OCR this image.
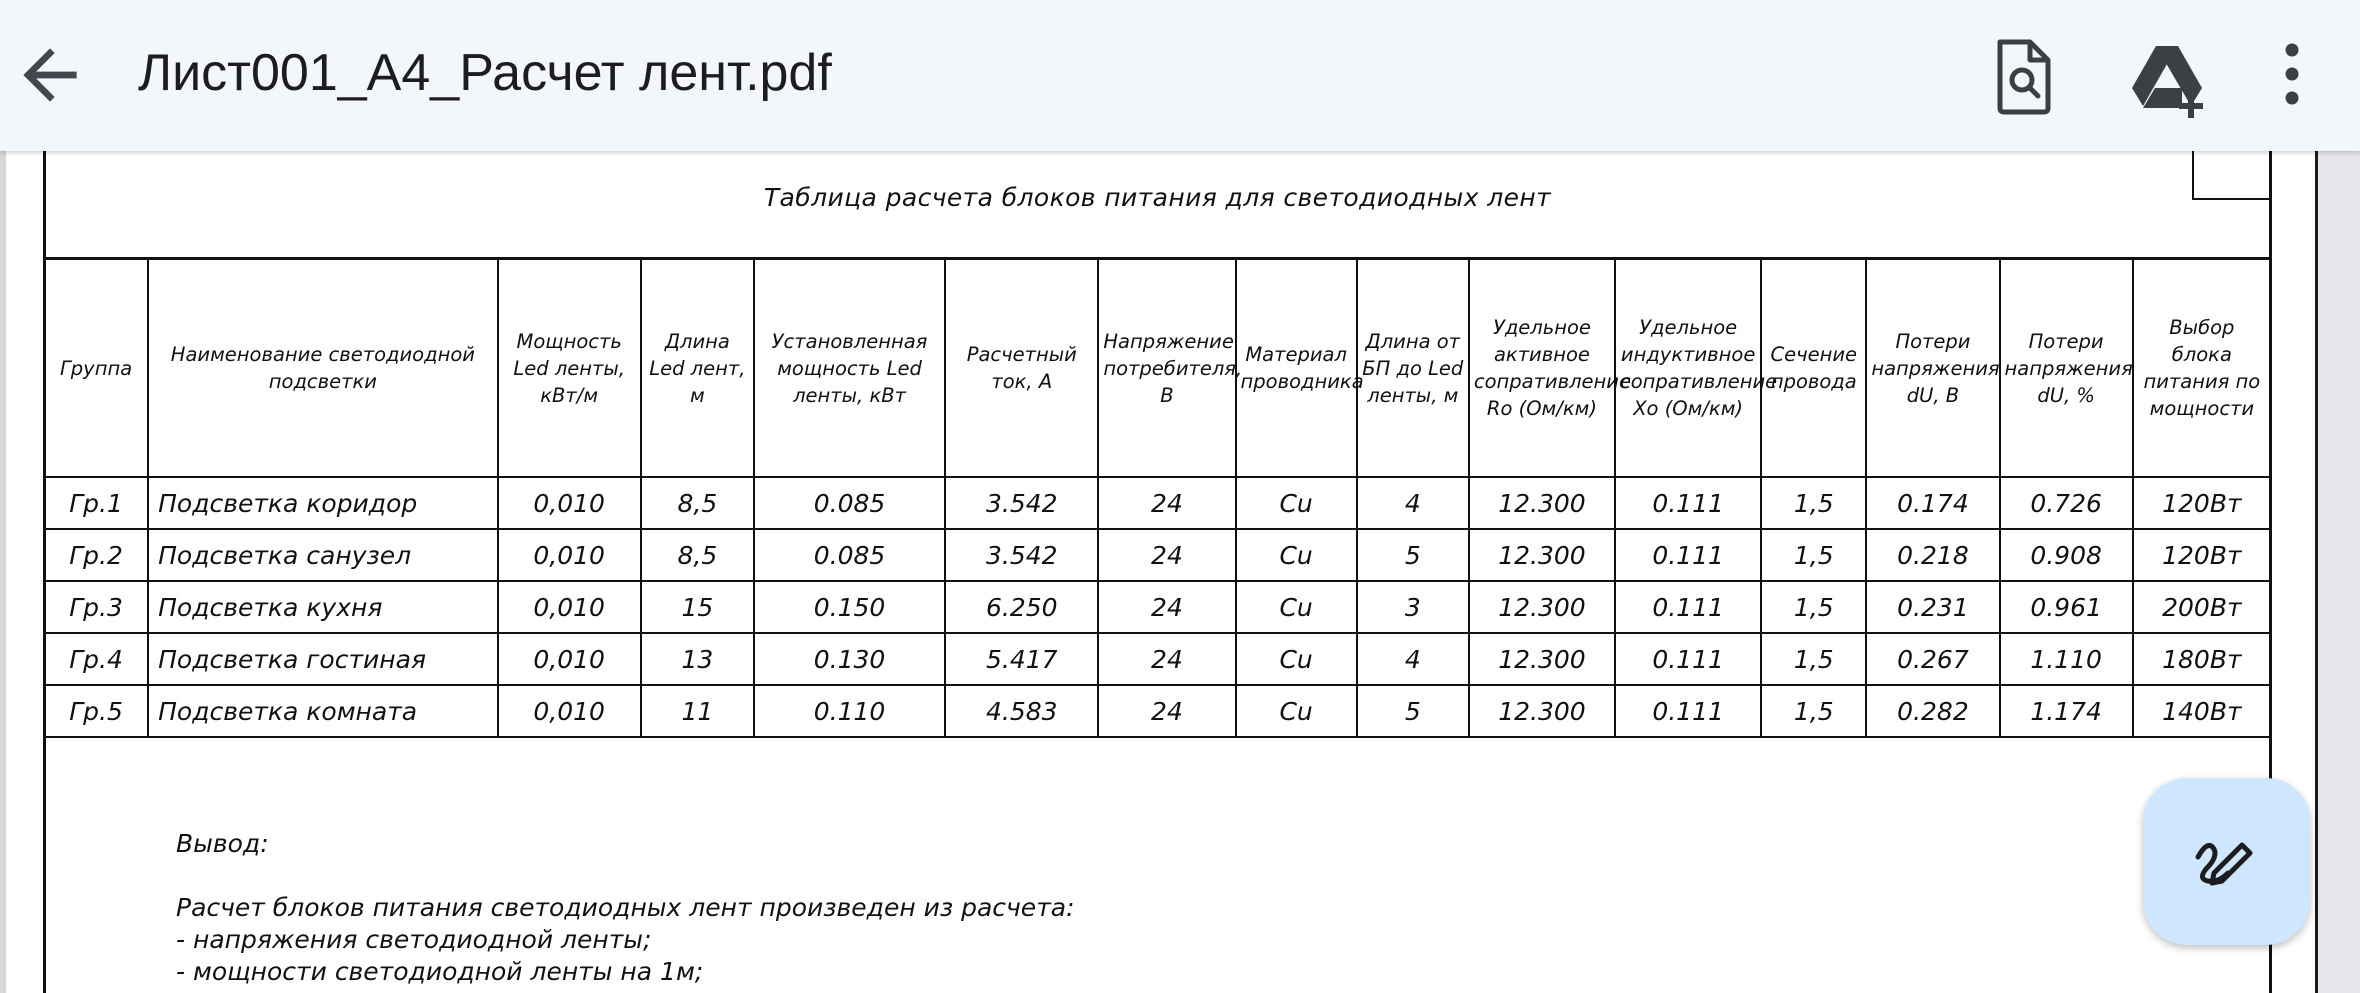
Таблица расчета блоков питания для светодиодных лент
Группа	Наименование светодиодной подсветки	Мощность Led ленты, кВт/м	Длина Led лент, м	Установленная мощность Led ленты, кВт	Расчетный ток, А	Напряжение потребителя, В	Материал проводника	Длина от БП до Led ленты, м	Удельное активное сопративление Ro (Ом/км)	Удельное индуктивное сопративление Xo (Ом/км)	Сечение провода	Потери напряжения dU, В	Потери напряжения dU, %	Выбор блока питания по мощности
Гр.1	Подсветка коридор	0,010	8,5	0.085	3.542	24	Cu	4	12.300	0.111	1,5	0.174	0.726	120Вт
Гр.2	Подсветка санузел	0,010	8,5	0.085	3.542	24	Cu	5	12.300	0.111	1,5	0.218	0.908	120Вт
Гр.3	Подсветка кухня	0,010	15	0.150	6.250	24	Cu	3	12.300	0.111	1,5	0.231	0.961	200Вт
Гр.4	Подсветка гостиная	0,010	13	0.130	5.417	24	Cu	4	12.300	0.111	1,5	0.267	1.110	180Вт
Гр.5	Подсветка комната	0,010	11	0.110	4.583	24	Cu	5	12.300	0.111	1,5	0.282	1.174	140Вт
Вывод:
Расчет блоков питания светодиодных лент произведен из расчета:
- напряжения светодиодной ленты;
- мощности светодиодной ленты на 1м;
Лист001_А4_Расчет лент.pdf
